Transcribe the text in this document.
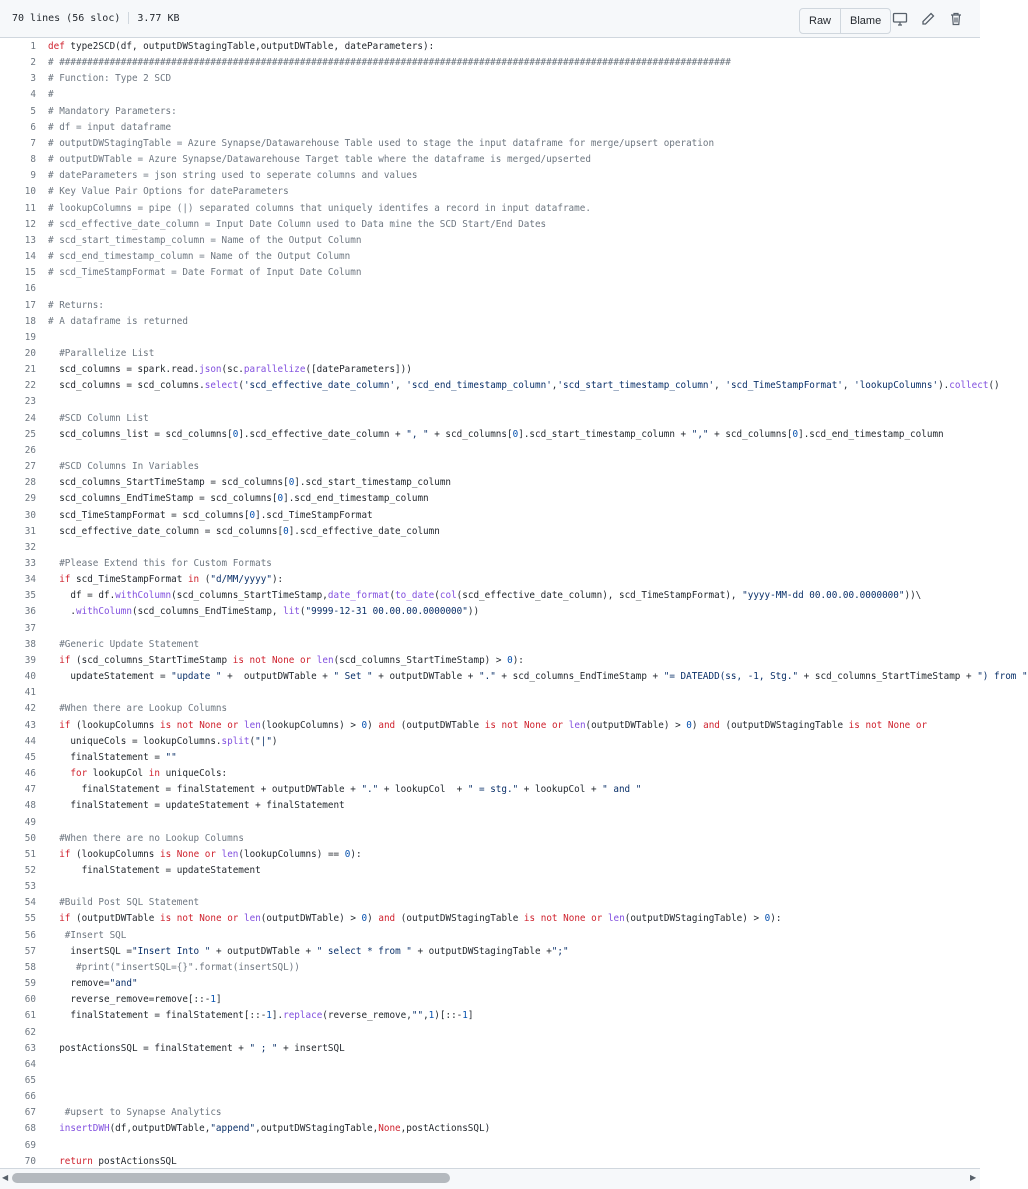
70 lines (56 sloc) 3.77 KB	Raw	Blame
1 def type2SCD(df, outputDWStagingTable,outputDWTable, dateParameters):
2 # ########################################################################################################################
3 # Function: Type 2 SCD
4 #
5 # Mandatory Parameters:
6 # df = input dataframe
7 # outputDWStagingTable = Azure Synapse/Datawarehouse Table used to stage the input dataframe for merge/upsert operation
8 # outputDWTable = Azure Synapse/Datawarehouse Target table where the dataframe is merged/upserted
9 # dateParameters = json string used to seperate columns and values
10 # Key Value Pair Options for dateParameters
11 # lookupColumns = pipe (|) separated columns that uniquely identifes a record in input dataframe.
12 # scd_effective_date_column = Input Date Column used to Data mine the SCD Start/End Dates
13 # scd_start_timestamp_column = Name of the Output Column
14 # scd_end_timestamp_column = Name of the Output Column
15 # scd_TimeStampFormat = Date Format of Input Date Column
16
17 # Returns:
18 # A dataframe is returned
19
20	#Parallelize List
21 scd_columns = spark.read.json(sc.parallelize([dateParameters]))
22 scd_columns = scd_columns.select('scd_effective_date_column', 'scd_end_timestamp_column','scd_start_timestamp_column', 'scd_TimeStampFormat', 'lookupColumns').collect()
23
24	#SCD Column List
25 scd_columns_list = scd_columns[0].scd_effective_date_column + ", " + scd_columns[0].scd_start_timestamp_column + "," + scd_columns[0].scd_end_timestamp_column
26
27	#SCD Columns In Variables
28 scd_columns_StartTimeStamp = scd_columns[0].scd_start_timestamp_column
29 scd_columns_EndTimeStamp = scd_columns[0].scd_end_timestamp_column
30 scd_TimeStampFormat = scd_columns[0].scd_TimeStampFormat
31 scd_effective_date_column = scd_columns[0].scd_effective_date_column
32
33	#Please Extend this for Custom Formats
34	if scd_TimeStampFormat in ("d/MM/yyyy"):
35 df = df.withColumn(scd_columns_StartTimeStamp,date_format(to_date(col(scd_effective_date_column), scd_TimeStampFormat), "yyyy-MM-dd 00.00.00.0000000"))\
36 .withColumn(scd_columns_EndTimeStamp, lit("9999-12-31 00.00.00.0000000"))
37
38	#Generic Update Statement
39	if (scd_columns_StartTimeStamp is not None or len(scd_columns_StartTimeStamp) > 0):
40 updateStatement = "update " +  outputDWTable + " Set " + outputDWTable + "." + scd_columns_EndTimeStamp + "= DATEADD(ss, -1, Stg." + scd_columns_StartTimeStamp + ") from "
41
42	#When there are Lookup Columns
43	if (lookupColumns is not None or len(lookupColumns) > 0) and (outputDWTable is not None or len(outputDWTable) > 0) and (outputDWStagingTable is not None or
44 uniqueCols = lookupColumns.split("|")
45 finalStatement = ""
46	for lookupCol in uniqueCols:
47 finalStatement = finalStatement + outputDWTable + "." + lookupCol  + " = stg." + lookupCol + " and "
48 finalStatement = updateStatement + finalStatement
49
50	#When there are no Lookup Columns
51	if (lookupColumns is None or len(lookupColumns) == 0):
52 finalStatement = updateStatement
53
54	#Build Post SQL Statement
55	if (outputDWTable is not None or len(outputDWTable) > 0) and (outputDWStagingTable is not None or len(outputDWStagingTable) > 0):
56	#Insert SQL
57 insertSQL ="Insert Into " + outputDWTable + " select * from " + outputDWStagingTable +";"
58	#print("insertSQL={}".format(insertSQL))
59 remove="and"
60 reverse_remove=remove[::-1]
61 finalStatement = finalStatement[::-1].replace(reverse_remove,"",1)[::-1]
62
63 postActionsSQL = finalStatement + " ; " + insertSQL
64
65
66
67	#upsert to Synapse Analytics
68	insertDWH(df,outputDWTable,"append",outputDWStagingTable,None,postActionsSQL)
69
70	return postActionsSQL
◀	▶
